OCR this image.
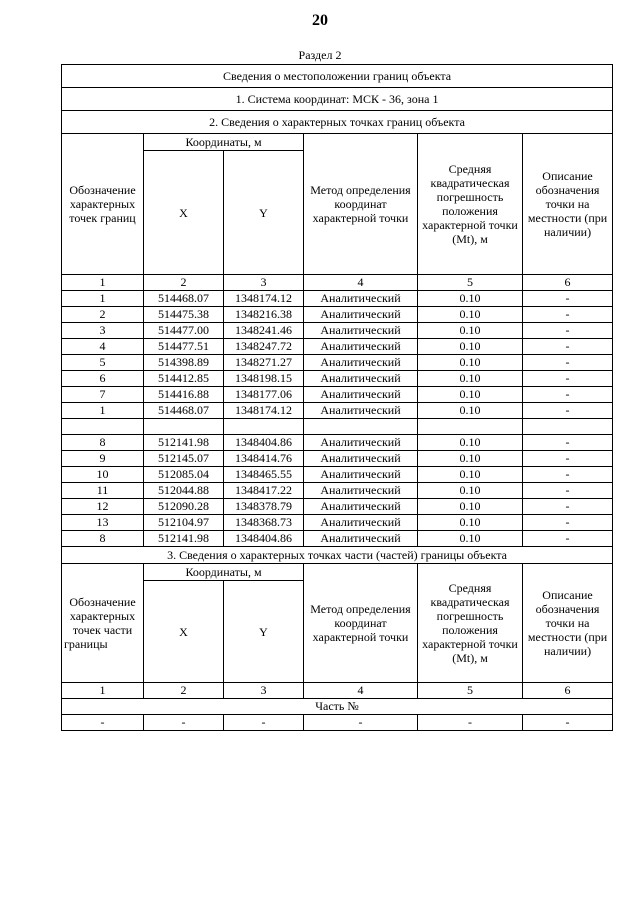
20
Раздел 2
Сведения о местоположении границ объекта					
1. Система координат: МСК - 36, зона 1					
2. Сведения о характерных точках границ объекта					
Обозначение характерных точек границ	Координаты, м		Метод определения координат характерной точки	Средняя квадратическая погрешность положения характерной точки (Mt), м	Описание обозначения точки на местности (при наличии)
	X	Y			
1	2	3	4	5	6
1	514468.07	1348174.12	Аналитический	0.10	-
2	514475.38	1348216.38	Аналитический	0.10	-
3	514477.00	1348241.46	Аналитический	0.10	-
4	514477.51	1348247.72	Аналитический	0.10	-
5	514398.89	1348271.27	Аналитический	0.10	-
6	514412.85	1348198.15	Аналитический	0.10	-
7	514416.88	1348177.06	Аналитический	0.10	-
1	514468.07	1348174.12	Аналитический	0.10	-

8	512141.98	1348404.86	Аналитический	0.10	-
9	512145.07	1348414.76	Аналитический	0.10	-
10	512085.04	1348465.55	Аналитический	0.10	-
11	512044.88	1348417.22	Аналитический	0.10	-
12	512090.28	1348378.79	Аналитический	0.10	-
13	512104.97	1348368.73	Аналитический	0.10	-
8	512141.98	1348404.86	Аналитический	0.10	-
3. Сведения о характерных точках части (частей) границы объекта					
Обозначение характерных точек части границы	Координаты, м		Метод определения координат характерной точки	Средняя квадратическая погрешность положения характерной точки (Mt), м	Описание обозначения точки на местности (при наличии)
	X	Y			
1	2	3	4	5	6
Часть №					
-	-	-	-	-	-
